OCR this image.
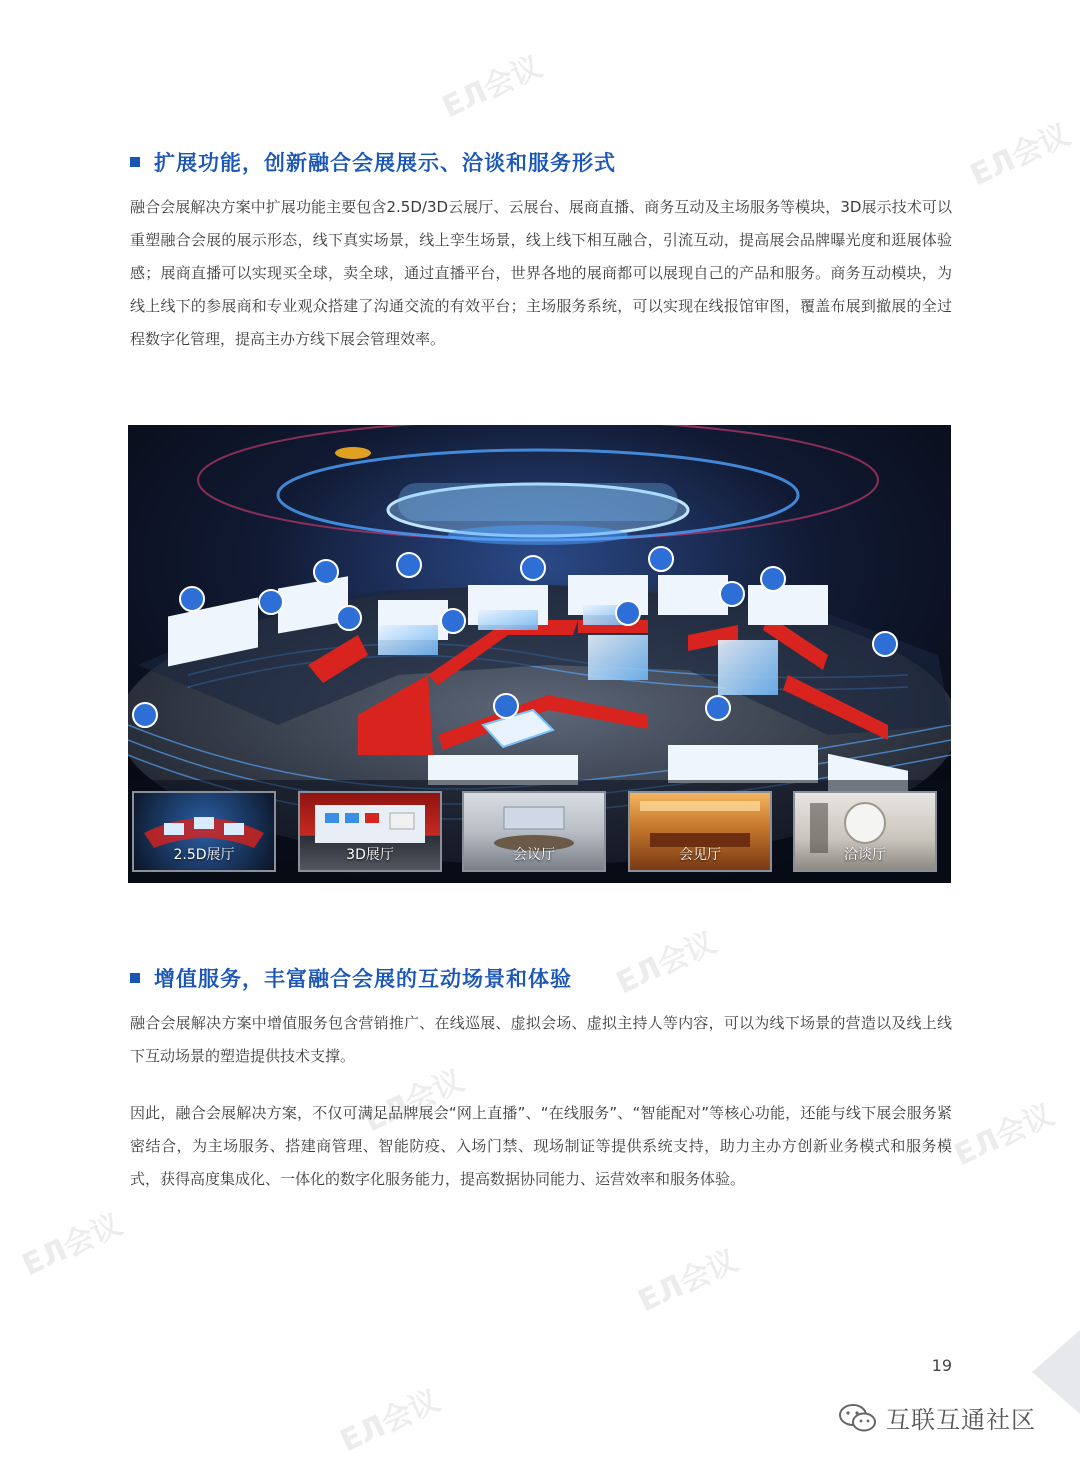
ЕЛ会议
ЕЛ会议
ЕЛ会议
ЕЛ会议	ЕЛ会议
ЕЛ会议	ЕЛ会议
ЕЛ会议
扩展功能，创新融合会展展示、洽谈和服务形式

融合会展解决方案中扩展功能主要包含2.5D/3D云展厅、云展台、展商直播、商务互动及主场服务等模块，3D展示技术可以重塑融合会展的展示形态，线下真实场景，线上孪生场景，线上线下相互融合，引流互动，提高展会品牌曝光度和逛展体验感；展商直播可以实现买全球，卖全球，通过直播平台，世界各地的展商都可以展现自己的产品和服务。商务互动模块，为线上线下的参展商和专业观众搭建了沟通交流的有效平台；主场服务系统，可以实现在线报馆审图，覆盖布展到撤展的全过程数字化管理，提高主办方线下展会管理效率。

2.5D展厅	3D展厅	会议厅	会见厅	洽谈厅
增值服务，丰富融合会展的互动场景和体验

融合会展解决方案中增值服务包含营销推广、在线巡展、虚拟会场、虚拟主持人等内容，可以为线下场景的营造以及线上线下互动场景的塑造提供技术支撑。

因此，融合会展解决方案，不仅可满足品牌展会“网上直播”、“在线服务”、“智能配对”等核心功能，还能与线下展会服务紧密结合，为主场服务、搭建商管理、智能防疫、入场门禁、现场制证等提供系统支持，助力主办方创新业务模式和服务模式，获得高度集成化、一体化的数字化服务能力，提高数据协同能力、运营效率和服务体验。

19
互联互通社区
